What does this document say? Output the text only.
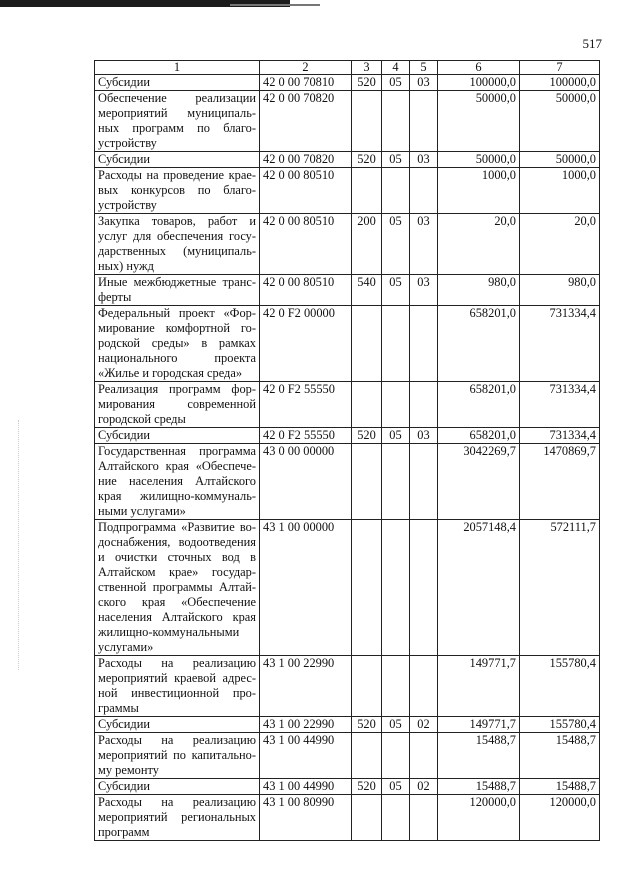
517
1	2	3	4	5	6	7
Субсидии	42 0 00 70810	520	05	03	100000,0	100000,0
Обеспечение реализации мероприятий муниципальных программ по благоустройству	42 0 00 70820				50000,0	50000,0
Субсидии	42 0 00 70820	520	05	03	50000,0	50000,0
Расходы на проведение краевых конкурсов по благоустройству	42 0 00 80510				1000,0	1000,0
Закупка товаров, работ и услуг для обеспечения государственных (муниципальных) нужд	42 0 00 80510	200	05	03	20,0	20,0
Иные межбюджетные трансферты	42 0 00 80510	540	05	03	980,0	980,0
Федеральный проект «Формирование комфортной городской среды» в рамках национального проекта «Жилье и городская среда»	42 0 F2 00000				658201,0	731334,4
Реализация программ формирования современной городской среды	42 0 F2 55550				658201,0	731334,4
Субсидии	42 0 F2 55550	520	05	03	658201,0	731334,4
Государственная программа Алтайского края «Обеспечение населения Алтайского края жилищно-коммунальными услугами»	43 0 00 00000				3042269,7	1470869,7
Подпрограмма «Развитие водоснабжения, водоотведения и очистки сточных вод в Алтайском крае» государственной программы Алтайского края «Обеспечение населения Алтайского края жилищно-коммунальными услугами»	43 1 00 00000				2057148,4	572111,7
Расходы на реализацию мероприятий краевой адресной инвестиционной программы	43 1 00 22990				149771,7	155780,4
Субсидии	43 1 00 22990	520	05	02	149771,7	155780,4
Расходы на реализацию мероприятий по капитальному ремонту	43 1 00 44990				15488,7	15488,7
Субсидии	43 1 00 44990	520	05	02	15488,7	15488,7
Расходы на реализацию мероприятий региональных программ	43 1 00 80990				120000,0	120000,0
